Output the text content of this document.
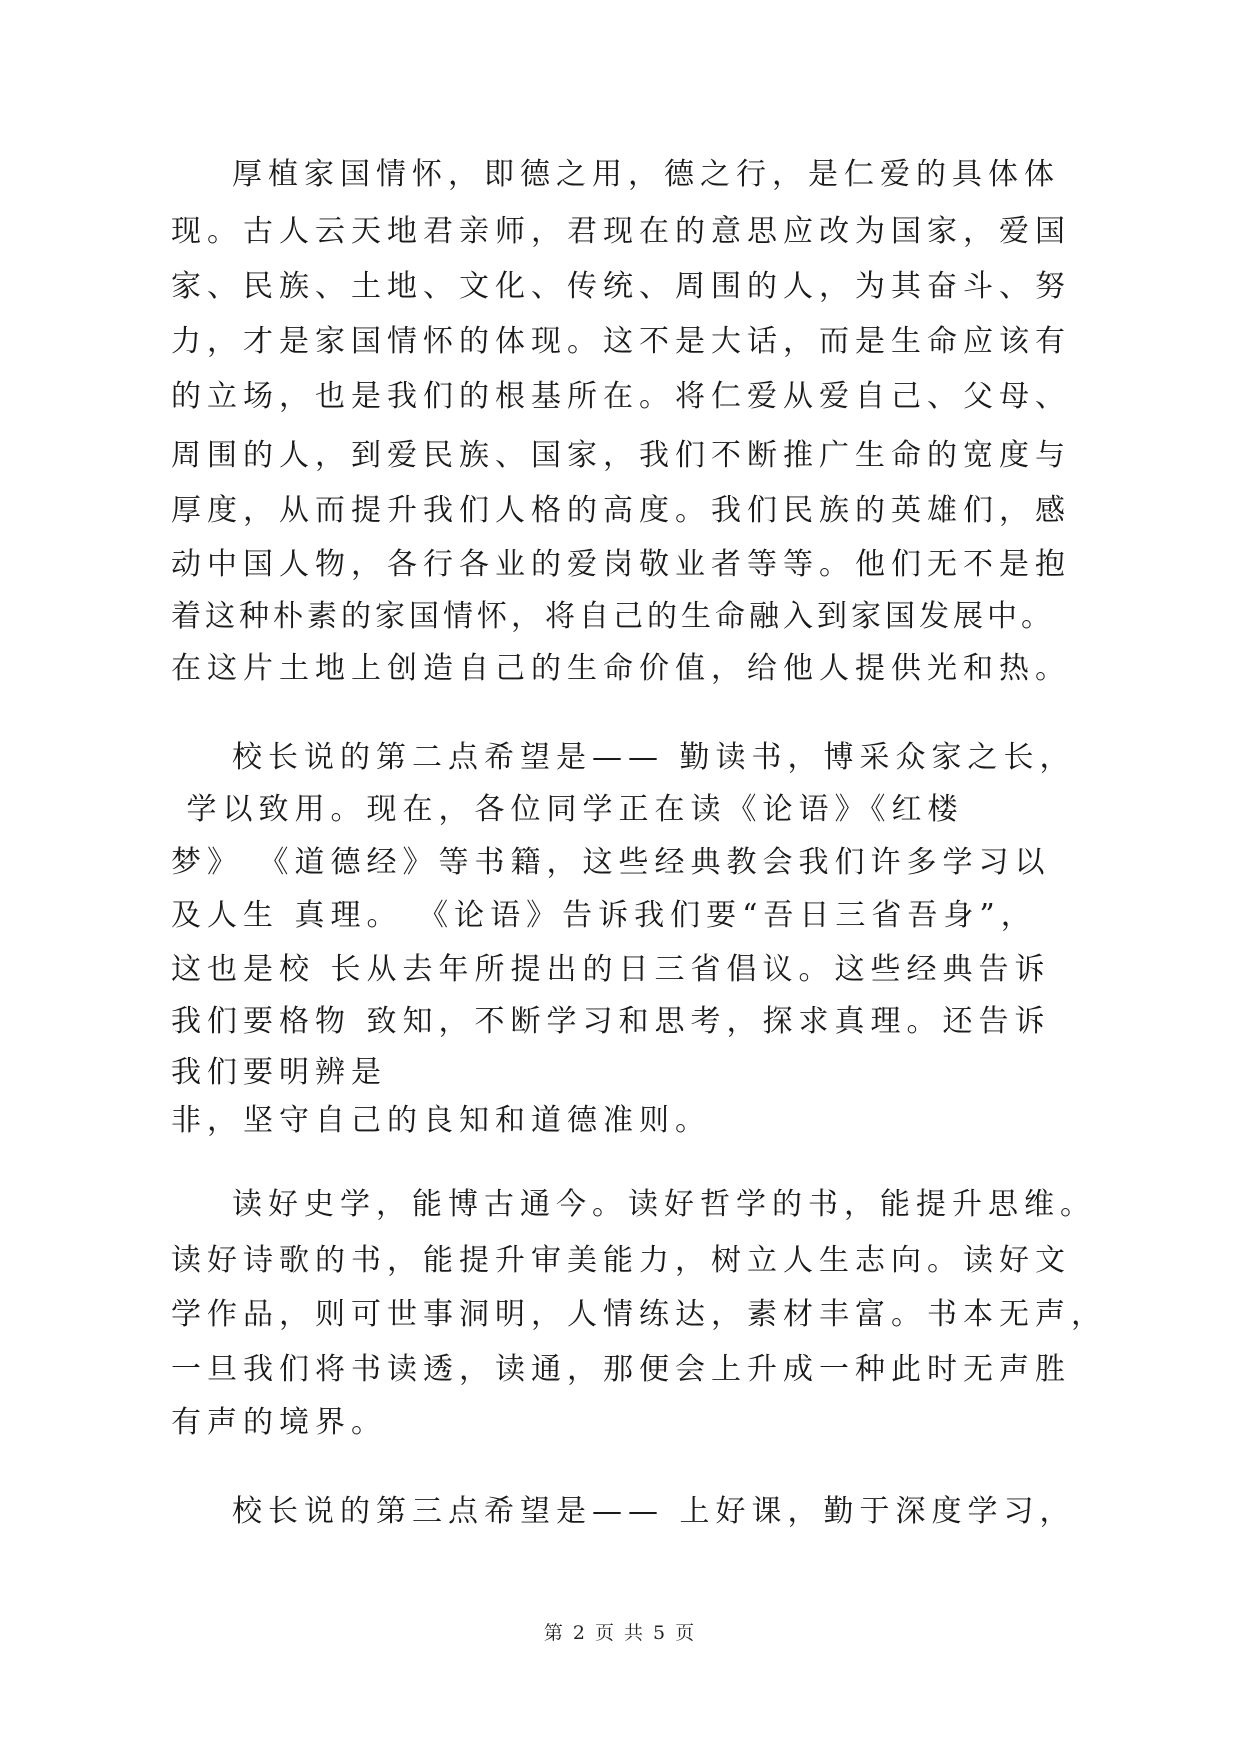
厚植家国情怀，即德之用，德之行，是仁爱的具体体
现。古人云天地君亲师，君现在的意思应改为国家，爱国
家、民族、土地、文化、传统、周围的人，为其奋斗、努
力，才是家国情怀的体现。这不是大话，而是生命应该有
的立场，也是我们的根基所在。将仁爱从爱自己、父母、
周围的人，到爱民族、国家，我们不断推广生命的宽度与
厚度，从而提升我们人格的高度。我们民族的英雄们，感
动中国人物，各行各业的爱岗敬业者等等。他们无不是抱
着这种朴素的家国情怀，将自己的生命融入到家国发展中。
在这片土地上创造自己的生命价值，给他人提供光和热。
校长说的第二点希望是—— 勤读书，博采众家之长，
学以致用。现在，各位同学正在读《论语》《红楼
梦》 《道德经》等书籍，这些经典教会我们许多学习以
及人生 真理。 《论语》告诉我们要“吾日三省吾身”，
这也是校 长从去年所提出的日三省倡议。这些经典告诉
我们要格物 致知，不断学习和思考，探求真理。还告诉
我们要明辨是
非，坚守自己的良知和道德准则。
读好史学，能博古通今。读好哲学的书，能提升思维。
读好诗歌的书，能提升审美能力，树立人生志向。读好文
学作品，则可世事洞明，人情练达，素材丰富。书本无声，
一旦我们将书读透，读通，那便会上升成一种此时无声胜
有声的境界。
校长说的第三点希望是—— 上好课，勤于深度学习，
第 2 页 共 5 页
